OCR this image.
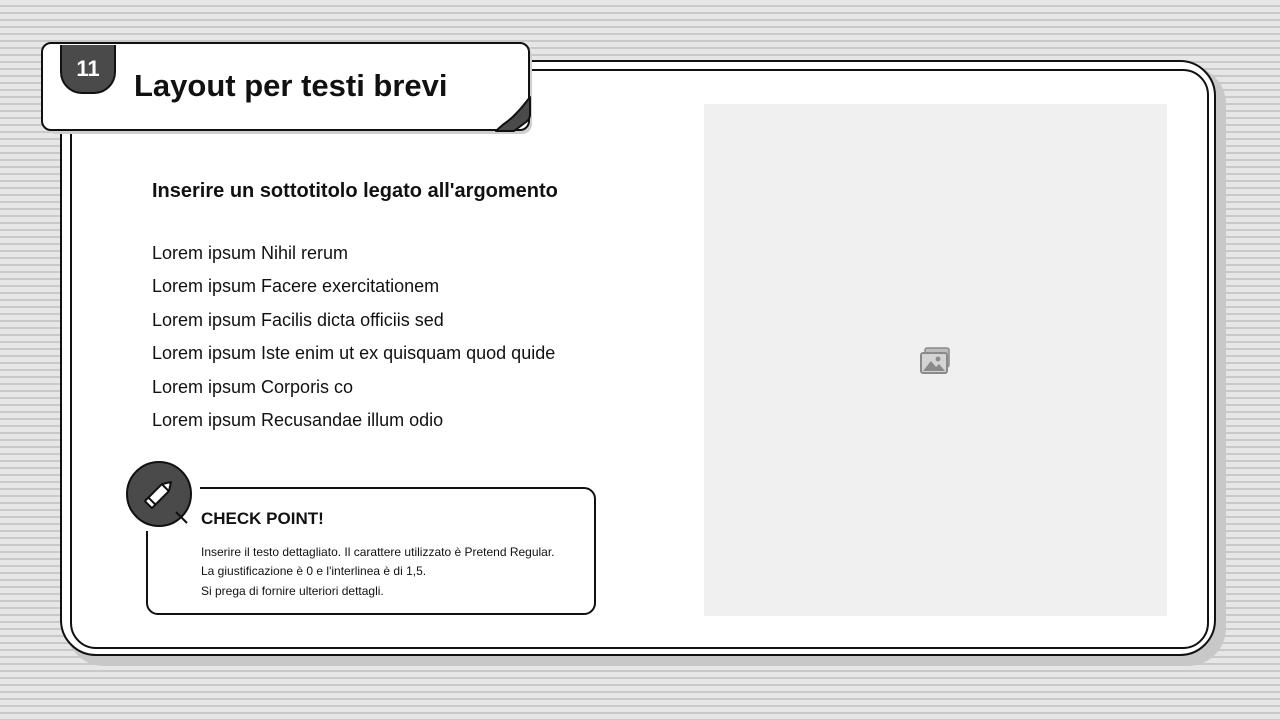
11	Layout per testi brevi
Inserire un sottotitolo legato all'argomento
Lorem ipsum Nihil rerum
Lorem ipsum Facere exercitationem
Lorem ipsum Facilis dicta officiis sed
Lorem ipsum Iste enim ut ex quisquam quod quide
Lorem ipsum Corporis co
Lorem ipsum Recusandae illum odio
CHECK POINT!
Inserire il testo dettagliato. Il carattere utilizzato è Pretend Regular.
La giustificazione è 0 e l'interlinea è di 1,5.
Si prega di fornire ulteriori dettagli.
